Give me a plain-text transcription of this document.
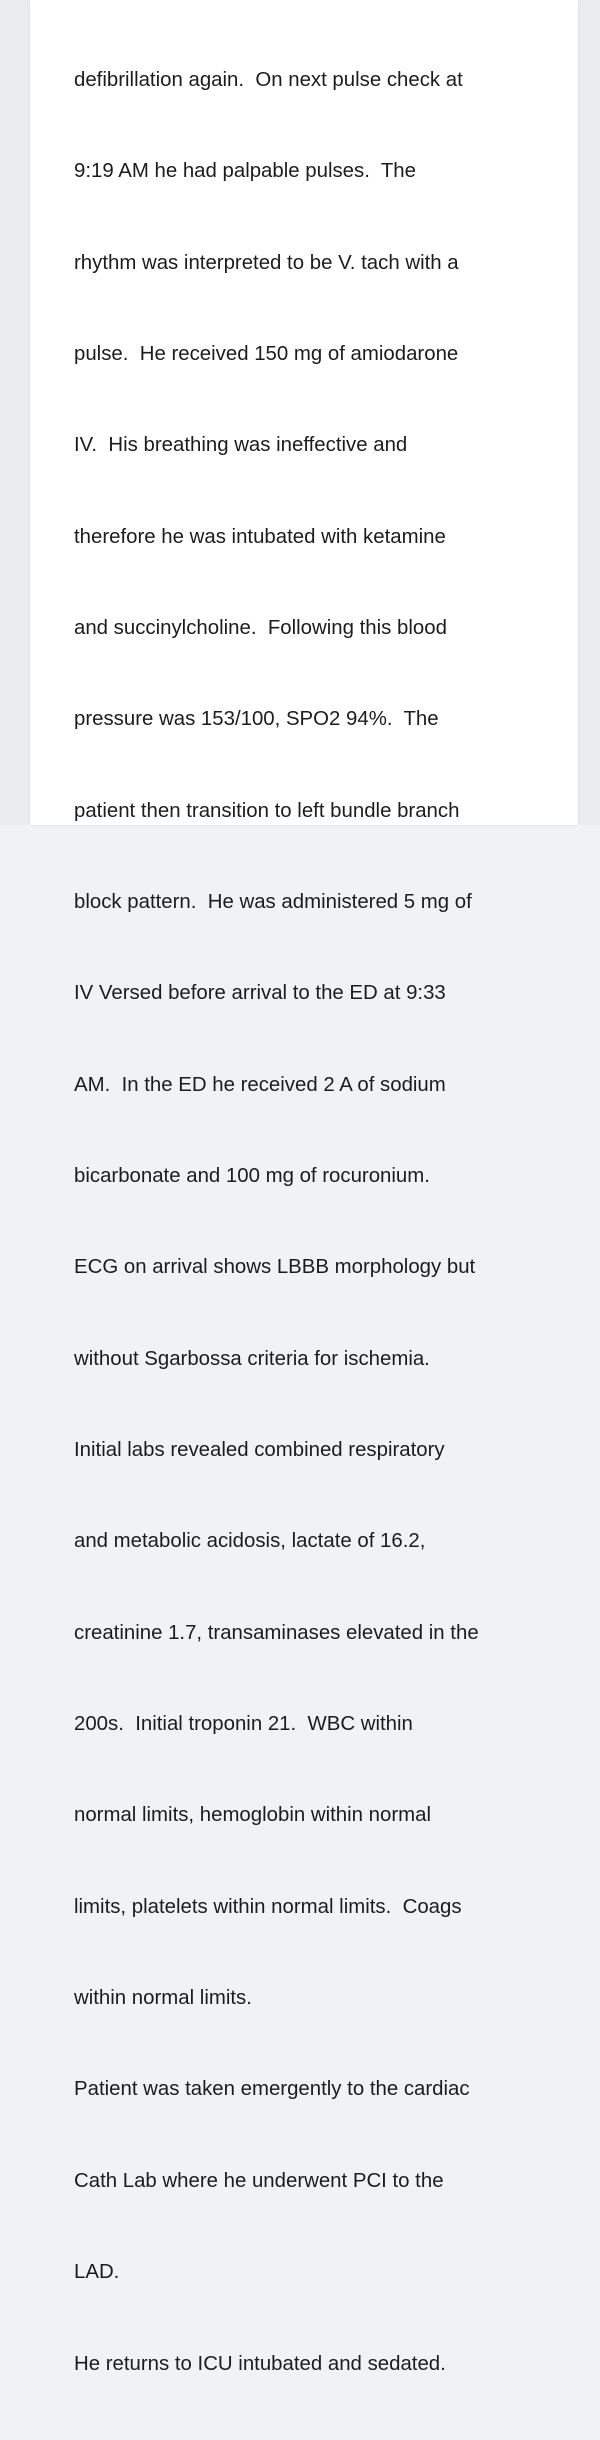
defibrillation again.  On next pulse check at

9:19 AM he had palpable pulses.  The

rhythm was interpreted to be V. tach with a

pulse.  He received 150 mg of amiodarone

IV.  His breathing was ineffective and

therefore he was intubated with ketamine

and succinylcholine.  Following this blood

pressure was 153/100, SPO2 94%.  The

patient then transition to left bundle branch

block pattern.  He was administered 5 mg of

IV Versed before arrival to the ED at 9:33

AM.  In the ED he received 2 A of sodium

bicarbonate and 100 mg of rocuronium.

ECG on arrival shows LBBB morphology but

without Sgarbossa criteria for ischemia.

Initial labs revealed combined respiratory

and metabolic acidosis, lactate of 16.2,

creatinine 1.7, transaminases elevated in the

200s.  Initial troponin 21.  WBC within

normal limits, hemoglobin within normal

limits, platelets within normal limits.  Coags

within normal limits.

Patient was taken emergently to the cardiac

Cath Lab where he underwent PCI to the

LAD.

He returns to ICU intubated and sedated.
